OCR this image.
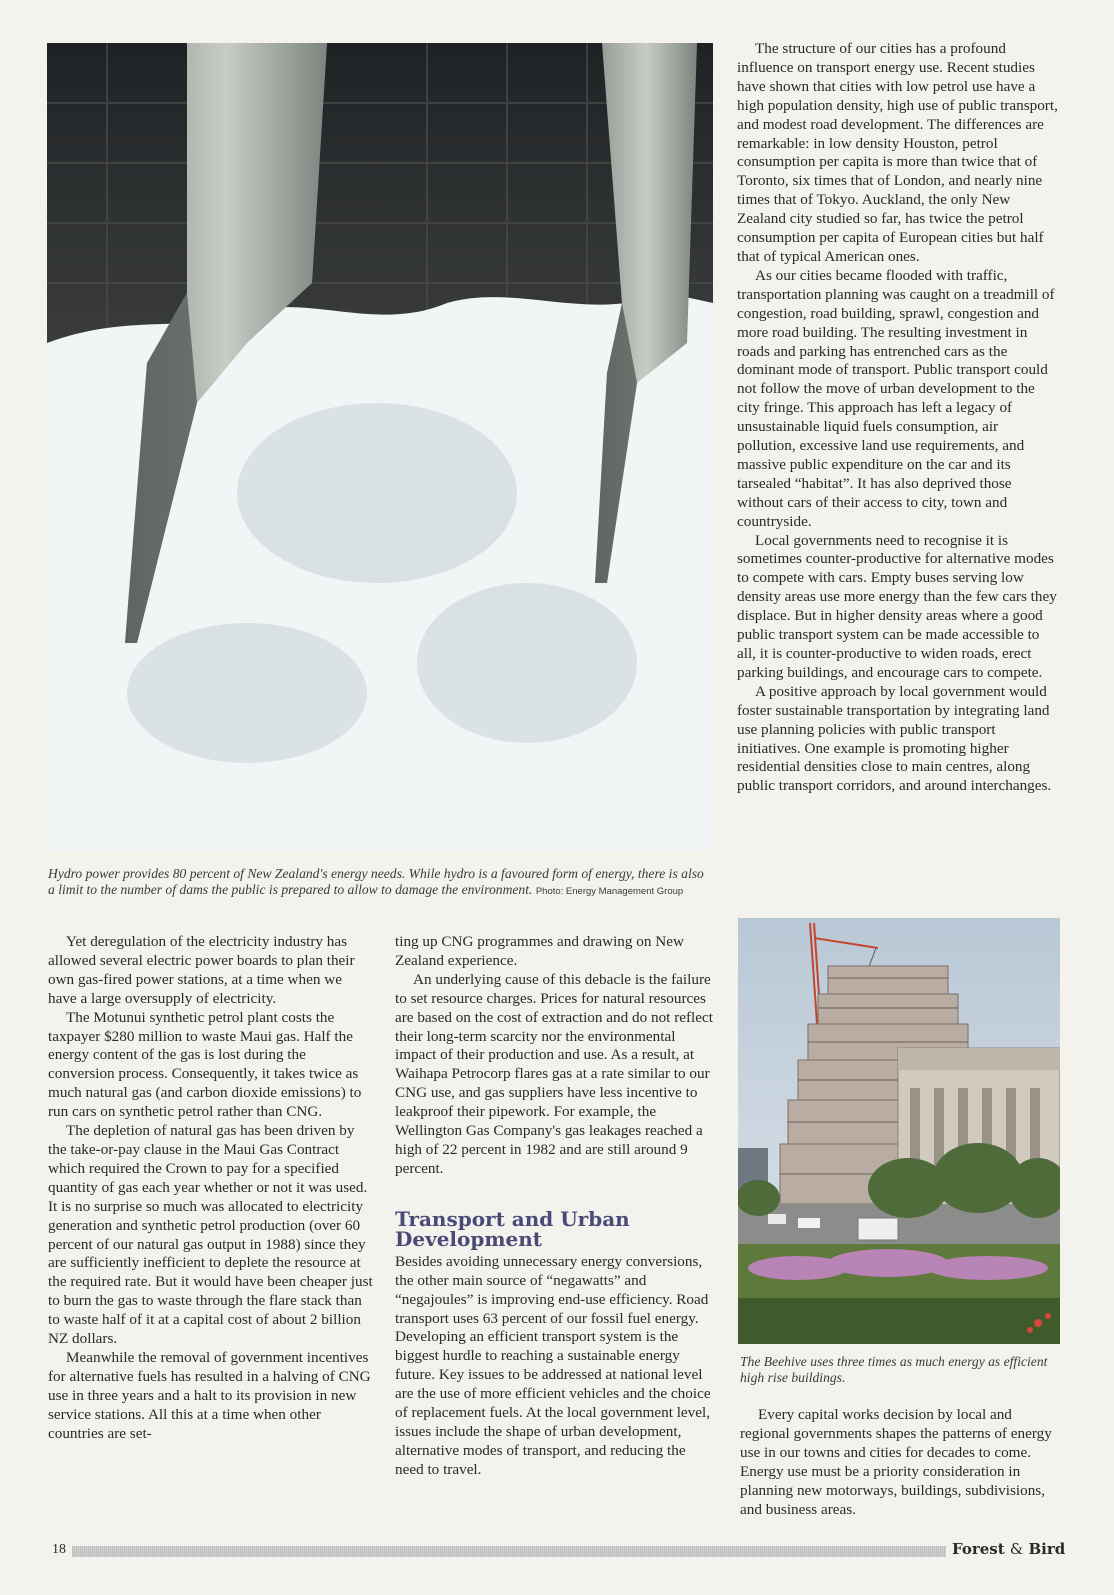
Hydro power provides 80 percent of New Zealand's energy needs. While hydro is a favoured form of energy, there is also a limit to the number of dams the public is prepared to allow to damage the environment. Photo: Energy Management Group

The structure of our cities has a profound influence on transport energy use. Recent studies have shown that cities with low petrol use have a high population density, high use of public transport, and modest road development. The differences are remarkable: in low density Houston, petrol consumption per capita is more than twice that of Toronto, six times that of London, and nearly nine times that of Tokyo. Auckland, the only New Zealand city studied so far, has twice the petrol consumption per capita of European cities but half that of typical American ones.

As our cities became flooded with traffic, transportation planning was caught on a treadmill of congestion, road building, sprawl, congestion and more road building. The resulting investment in roads and parking has entrenched cars as the dominant mode of transport. Public transport could not follow the move of urban development to the city fringe. This approach has left a legacy of unsustainable liquid fuels consumption, air pollution, excessive land use requirements, and massive public expenditure on the car and its tarsealed “habitat”. It has also deprived those without cars of their access to city, town and countryside.

Local governments need to recognise it is sometimes counter-productive for alternative modes to compete with cars. Empty buses serving low density areas use more energy than the few cars they displace. But in higher density areas where a good public transport system can be made accessible to all, it is counter-productive to widen roads, erect parking buildings, and encourage cars to compete.

A positive approach by local government would foster sustainable transportation by integrating land use planning policies with public transport initiatives. One example is promoting higher residential densities close to main centres, along public transport corridors, and around interchanges.

The Beehive uses three times as much energy as efficient high rise buildings.

Yet deregulation of the electricity industry has allowed several electric power boards to plan their own gas-fired power stations, at a time when we have a large oversupply of electricity.

The Motunui synthetic petrol plant costs the taxpayer $280 million to waste Maui gas. Half the energy content of the gas is lost during the conversion process. Consequently, it takes twice as much natural gas (and carbon dioxide emissions) to run cars on synthetic petrol rather than CNG.

The depletion of natural gas has been driven by the take-or-pay clause in the Maui Gas Contract which required the Crown to pay for a specified quantity of gas each year whether or not it was used. It is no surprise so much was allocated to electricity generation and synthetic petrol production (over 60 percent of our natural gas output in 1988) since they are sufficiently inefficient to deplete the resource at the required rate. But it would have been cheaper just to burn the gas to waste through the flare stack than to waste half of it at a capital cost of about 2 billion NZ dollars.

Meanwhile the removal of government incentives for alternative fuels has resulted in a halving of CNG use in three years and a halt to its provision in new service stations. All this at a time when other countries are set-

ting up CNG programmes and drawing on New Zealand experience.

An underlying cause of this debacle is the failure to set resource charges. Prices for natural resources are based on the cost of extraction and do not reflect their long-term scarcity nor the environmental impact of their production and use. As a result, at Waihapa Petrocorp flares gas at a rate similar to our CNG use, and gas suppliers have less incentive to leakproof their pipework. For example, the Wellington Gas Company's gas leakages reached a high of 22 percent in 1982 and are still around 9 percent.

Transport and Urban Development

Besides avoiding unnecessary energy conversions, the other main source of “negawatts” and “negajoules” is improving end-use efficiency. Road transport uses 63 percent of our fossil fuel energy. Developing an efficient transport system is the biggest hurdle to reaching a sustainable energy future. Key issues to be addressed at national level are the use of more efficient vehicles and the choice of replacement fuels. At the local government level, issues include the shape of urban development, alternative modes of transport, and reducing the need to travel.

Every capital works decision by local and regional governments shapes the patterns of energy use in our towns and cities for decades to come. Energy use must be a priority consideration in planning new motorways, buildings, subdivisions, and business areas.

18	Forest & Bird
